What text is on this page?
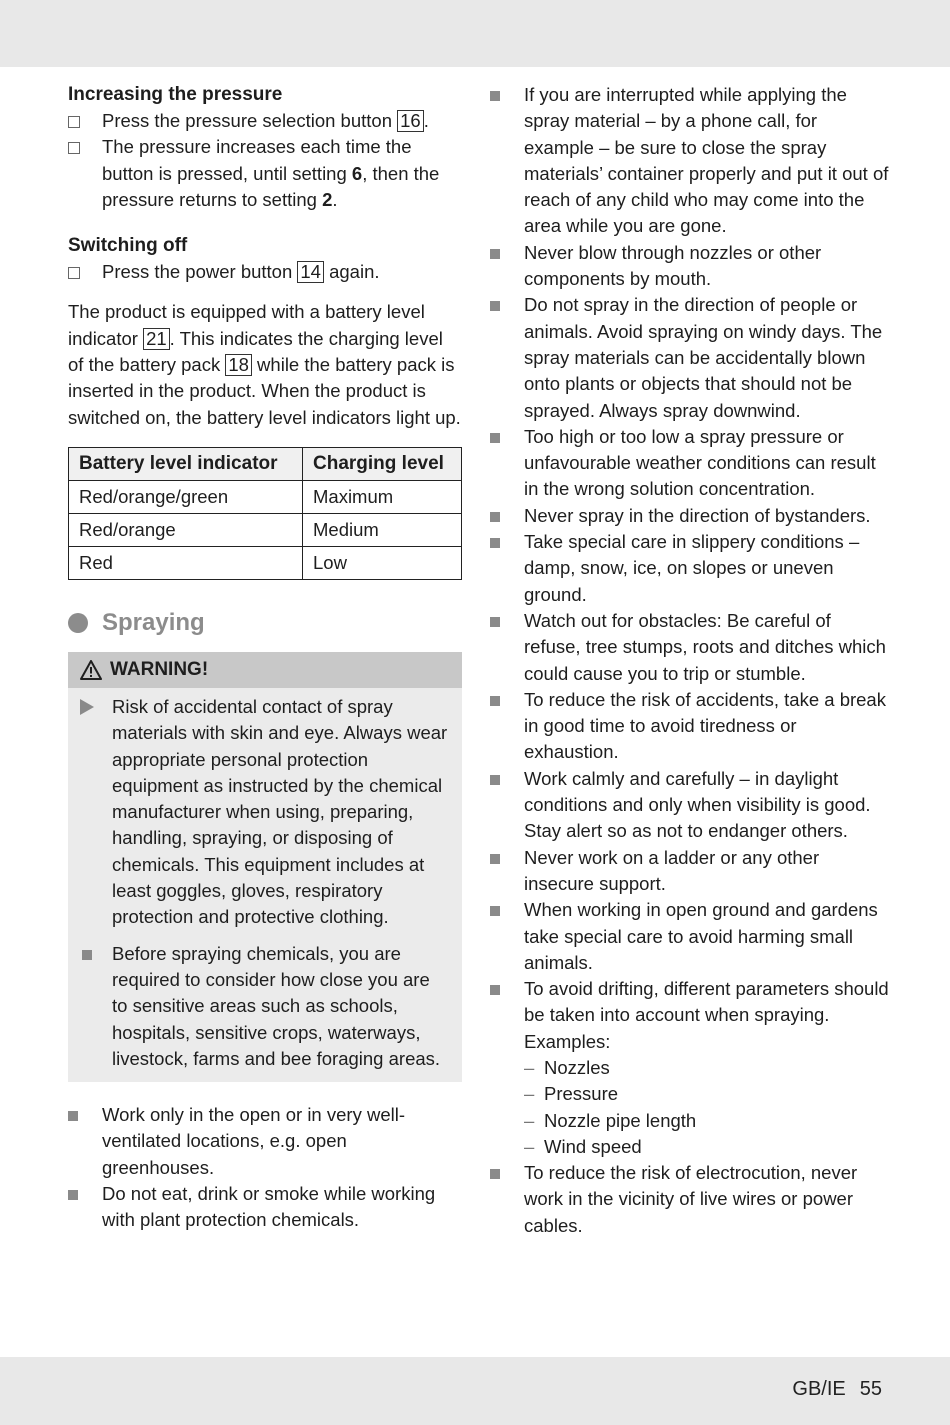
Increasing the pressure
Press the pressure selection button 16 .
The pressure increases each time the button is pressed, until setting 6, then the pressure returns to setting 2.
Switching off
Press the power button 14 again.
The product is equipped with a battery level indicator 21 . This indicates the charging level of the battery pack 18 while the battery pack is inserted in the product. When the product is switched on, the battery level indicators light up.
Battery level indicator	Charging level
Red/orange/green	Maximum
Red/orange	Medium
Red	Low
Spraying
WARNING!
Risk of accidental contact of spray materials with skin and eye. Always wear appropriate personal protection equipment as instructed by the chemical manufacturer when using, preparing, handling, spraying, or disposing of chemicals. This equipment includes at least goggles, gloves, respiratory protection and protective clothing.
Before spraying chemicals, you are required to consider how close you are to sensitive areas such as schools, hospitals, sensitive crops, waterways, livestock, farms and bee foraging areas.
Work only in the open or in very well-ventilated locations, e.g. open greenhouses.
Do not eat, drink or smoke while working with plant protection chemicals.
If you are interrupted while applying the spray material – by a phone call, for example – be sure to close the spray materials’ container properly and put it out of reach of any child who may come into the area while you are gone.
Never blow through nozzles or other components by mouth.
Do not spray in the direction of people or animals. Avoid spraying on windy days. The spray materials can be accidentally blown onto plants or objects that should not be sprayed. Always spray downwind.
Too high or too low a spray pressure or unfavourable weather conditions can result in the wrong solution concentration.
Never spray in the direction of bystanders.
Take special care in slippery conditions – damp, snow, ice, on slopes or uneven ground.
Watch out for obstacles: Be careful of refuse, tree stumps, roots and ditches which could cause you to trip or stumble.
To reduce the risk of accidents, take a break in good time to avoid tiredness or exhaustion.
Work calmly and carefully – in daylight conditions and only when visibility is good. Stay alert so as not to endanger others.
Never work on a ladder or any other insecure support.
When working in open ground and gardens take special care to avoid harming small animals.
To avoid drifting, different parameters should be taken into account when spraying.
Examples:
– Nozzles
– Pressure
– Nozzle pipe length
– Wind speed
To reduce the risk of electrocution, never work in the vicinity of live wires or power cables.
GB/IE 55
